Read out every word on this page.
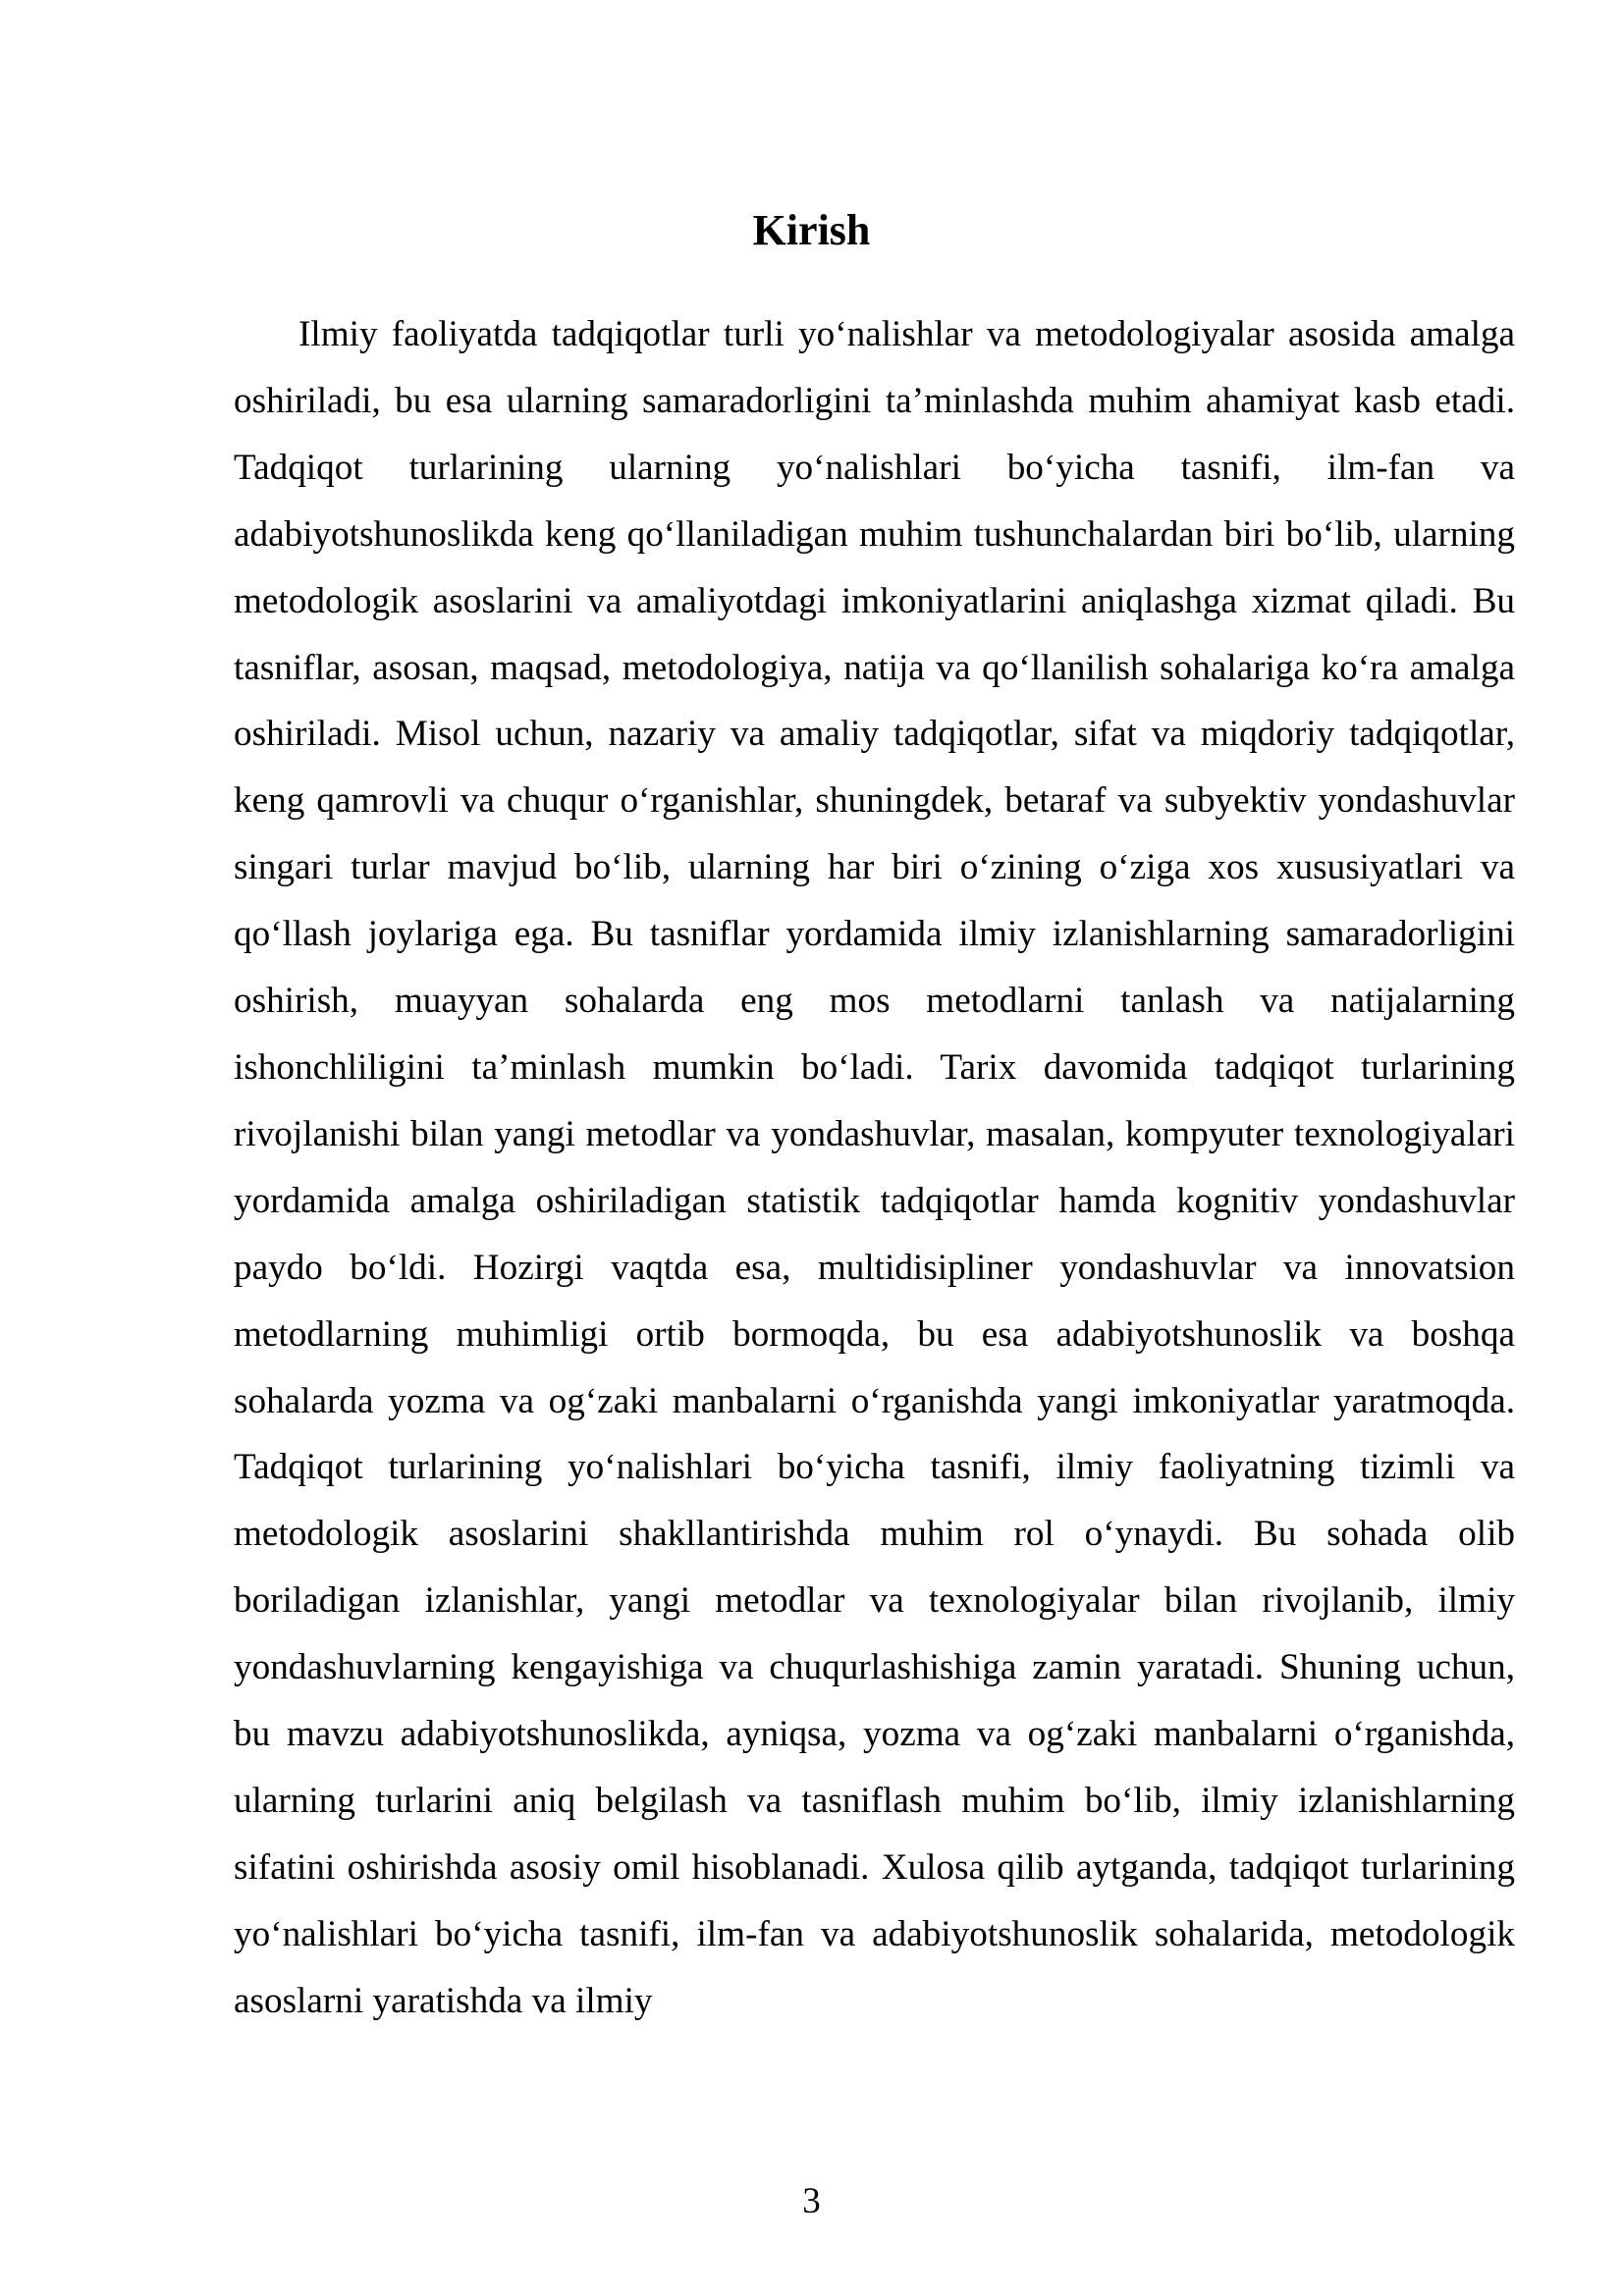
Kirish

Ilmiy faoliyatda tadqiqotlar turli yo‘nalishlar va metodologiyalar asosida amalga oshiriladi, bu esa ularning samaradorligini ta’minlashda muhim ahamiyat kasb etadi. Tadqiqot turlarining ularning yo‘nalishlari bo‘yicha tasnifi, ilm-fan va adabiyotshunoslikda keng qo‘llaniladigan muhim tushunchalardan biri bo‘lib, ularning metodologik asoslarini va amaliyotdagi imkoniyatlarini aniqlashga xizmat qiladi. Bu tasniflar, asosan, maqsad, metodologiya, natija va qo‘llanilish sohalariga ko‘ra amalga oshiriladi. Misol uchun, nazariy va amaliy tadqiqotlar, sifat va miqdoriy tadqiqotlar, keng qamrovli va chuqur o‘rganishlar, shuningdek, betaraf va subyektiv yondashuvlar singari turlar mavjud bo‘lib, ularning har biri o‘zining o‘ziga xos xususiyatlari va qo‘llash joylariga ega. Bu tasniflar yordamida ilmiy izlanishlarning samaradorligini oshirish, muayyan sohalarda eng mos metodlarni tanlash va natijalarning ishonchliligini ta’minlash mumkin bo‘ladi. Tarix davomida tadqiqot turlarining rivojlanishi bilan yangi metodlar va yondashuvlar, masalan, kompyuter texnologiyalari yordamida amalga oshiriladigan statistik tadqiqotlar hamda kognitiv yondashuvlar paydo bo‘ldi. Hozirgi vaqtda esa, multidisipliner yondashuvlar va innovatsion metodlarning muhimligi ortib bormoqda, bu esa adabiyotshunoslik va boshqa sohalarda yozma va og‘zaki manbalarni o‘rganishda yangi imkoniyatlar yaratmoqda. Tadqiqot turlarining yo‘nalishlari bo‘yicha tasnifi, ilmiy faoliyatning tizimli va metodologik asoslarini shakllantirishda muhim rol o‘ynaydi. Bu sohada olib boriladigan izlanishlar, yangi metodlar va texnologiyalar bilan rivojlanib, ilmiy yondashuvlarning kengayishiga va chuqurlashishiga zamin yaratadi. Shuning uchun, bu mavzu adabiyotshunoslikda, ayniqsa, yozma va og‘zaki manbalarni o‘rganishda, ularning turlarini aniq belgilash va tasniflash muhim bo‘lib, ilmiy izlanishlarning sifatini oshirishda asosiy omil hisoblanadi. Xulosa qilib aytganda, tadqiqot turlarining yo‘nalishlari bo‘yicha tasnifi, ilm-fan va adabiyotshunoslik sohalarida, metodologik asoslarni yaratishda va ilmiy

3
